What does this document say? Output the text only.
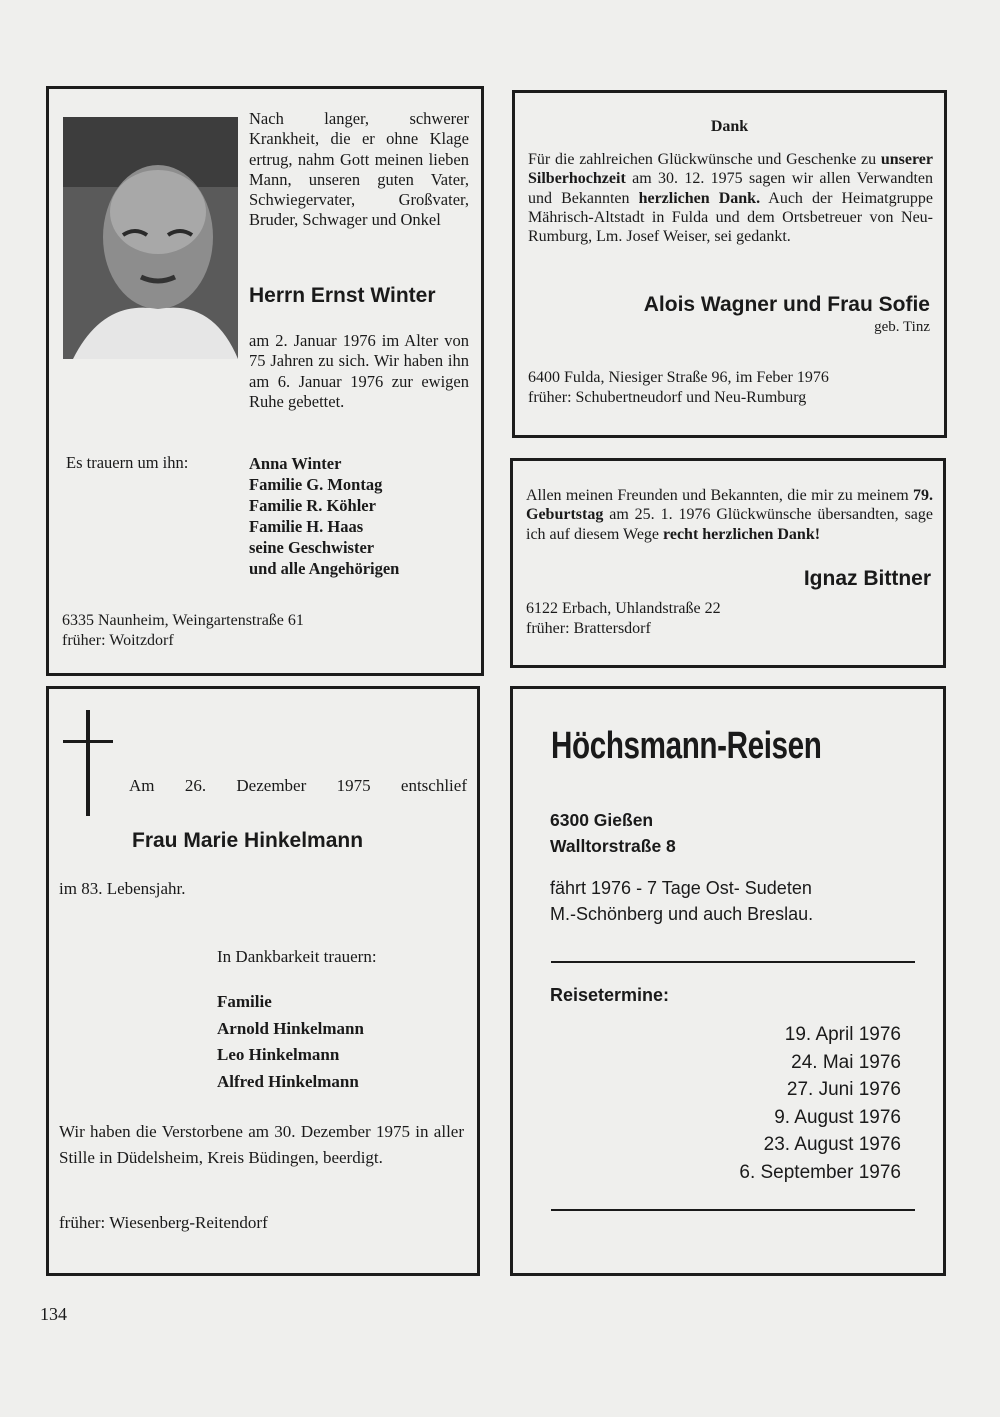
Nach langer, schwerer Krankheit, die er ohne Klage ertrug, nahm Gott meinen lieben Mann, unseren guten Vater, Schwiegervater, Großvater, Bruder, Schwager und Onkel

Herrn Ernst Winter

am 2. Januar 1976 im Alter von 75 Jahren zu sich. Wir haben ihn am 6. Januar 1976 zur ewigen Ruhe gebettet.

Es trauern um ihn:	Anna Winter
Familie G. Montag
Familie R. Köhler
Familie H. Haas
seine Geschwister
und alle Angehörigen
6335 Naunheim, Weingartenstraße 61
früher: Woitzdorf
Dank

Für die zahlreichen Glückwünsche und Geschenke zu unserer Silberhochzeit am 30. 12. 1975 sagen wir allen Verwandten und Bekannten herzlichen Dank. Auch der Heimatgruppe Mährisch-Altstadt in Fulda und dem Ortsbetreuer von Neu-Rumburg, Lm. Josef Weiser, sei gedankt.

Alois Wagner und Frau Sofie
geb. Tinz
6400 Fulda, Niesiger Straße 96, im Feber 1976
früher: Schubertneudorf und Neu-Rumburg

Allen meinen Freunden und Bekannten, die mir zu meinem 79. Geburtstag am 25. 1. 1976 Glückwünsche übersandten, sage ich auf diesem Wege recht herzlichen Dank!

Ignaz Bittner
6122 Erbach, Uhlandstraße 22
früher: Brattersdorf
Am 26. Dezember 1975 entschlief
Frau Marie Hinkelmann
im 83. Lebensjahr.
In Dankbarkeit trauern:
Familie
Arnold Hinkelmann
Leo Hinkelmann
Alfred Hinkelmann

Wir haben die Verstorbene am 30. Dezember 1975 in aller Stille in Düdelsheim, Kreis Büdingen, beerdigt.

früher: Wiesenberg-Reitendorf
Höchsmann-Reisen
6300 Gießen
Walltorstraße 8
fährt 1976 - 7 Tage Ost- Sudeten
M.-Schönberg und auch Breslau.
Reisetermine:
19. April 1976
24. Mai 1976
27. Juni 1976
9. August 1976
23. August 1976
6. September 1976
134
